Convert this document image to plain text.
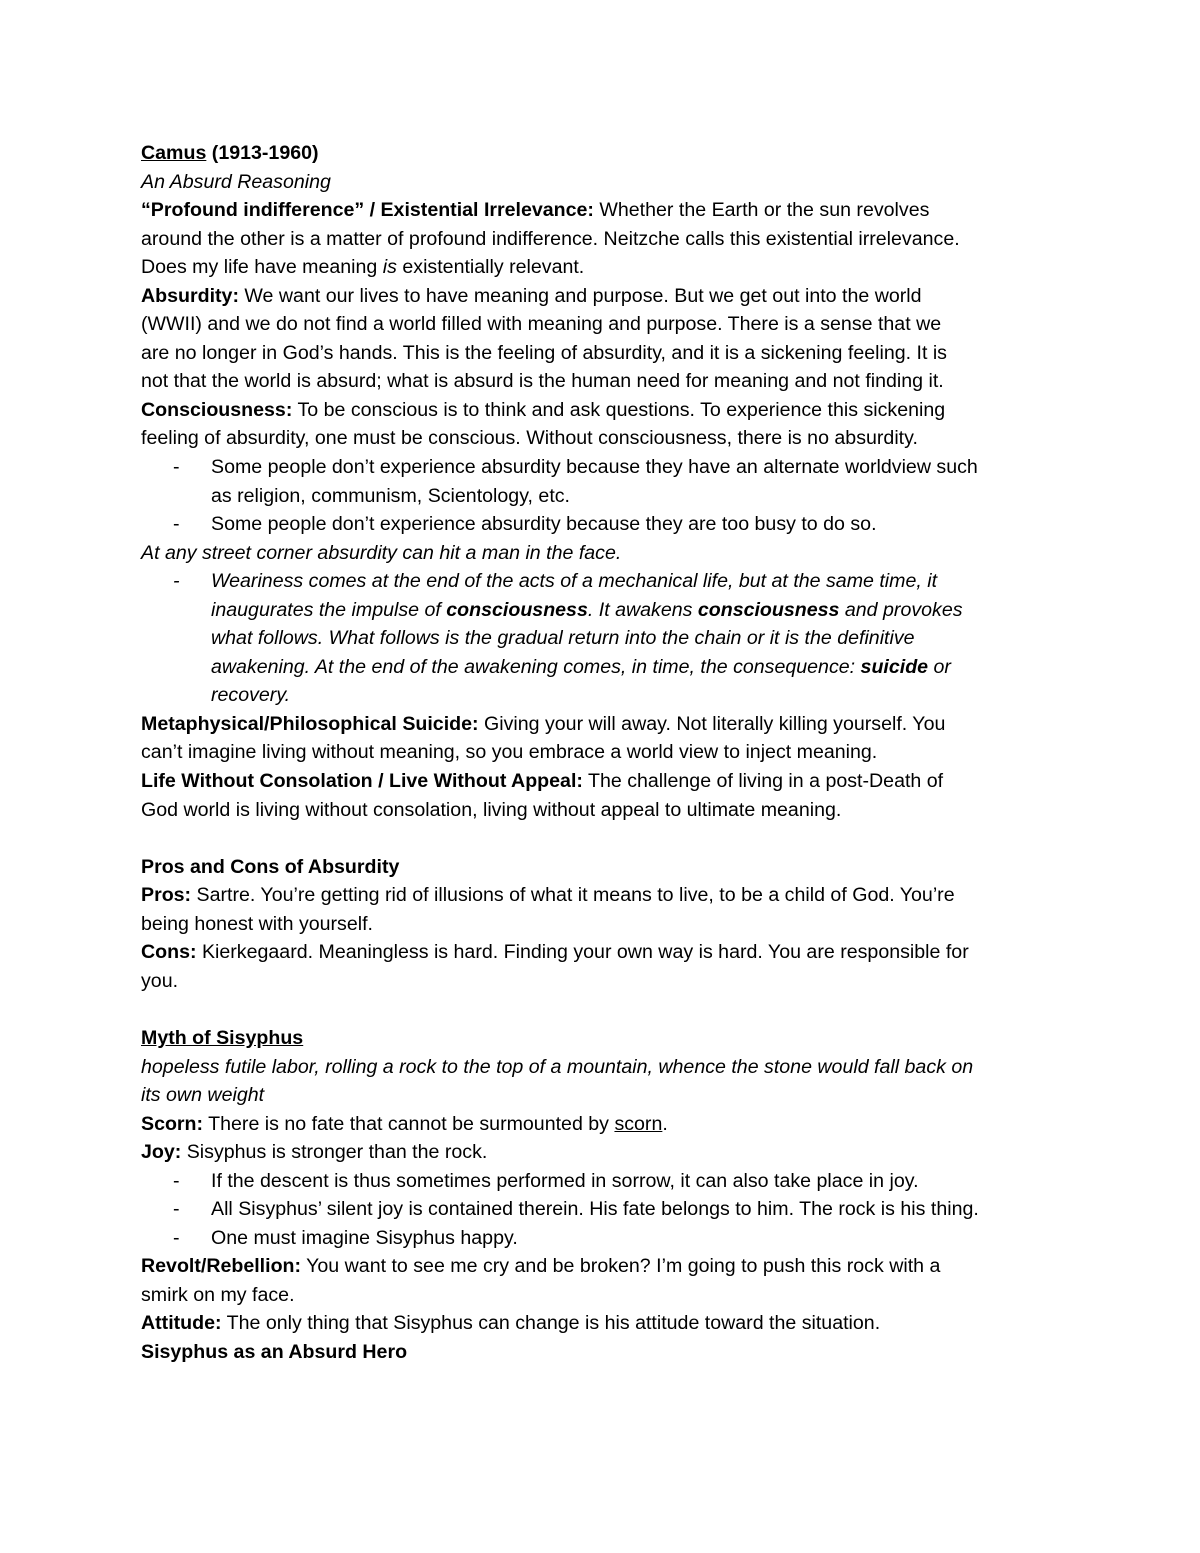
Camus (1913-1960)
An Absurd Reasoning
“Profound indifference” / Existential Irrelevance: Whether the Earth or the sun revolves
around the other is a matter of profound indifference. Neitzche calls this existential irrelevance.
Does my life have meaning is existentially relevant.
Absurdity: We want our lives to have meaning and purpose. But we get out into the world
(WWII) and we do not find a world filled with meaning and purpose. There is a sense that we
are no longer in God’s hands. This is the feeling of absurdity, and it is a sickening feeling. It is
not that the world is absurd; what is absurd is the human need for meaning and not finding it.
Consciousness: To be conscious is to think and ask questions. To experience this sickening
feeling of absurdity, one must be conscious. Without consciousness, there is no absurdity.
- Some people don’t experience absurdity because they have an alternate worldview such
as religion, communism, Scientology, etc.
- Some people don’t experience absurdity because they are too busy to do so.
At any street corner absurdity can hit a man in the face.
- Weariness comes at the end of the acts of a mechanical life, but at the same time, it
inaugurates the impulse of consciousness. It awakens consciousness and provokes
what follows. What follows is the gradual return into the chain or it is the definitive
awakening. At the end of the awakening comes, in time, the consequence: suicide or
recovery.
Metaphysical/Philosophical Suicide: Giving your will away. Not literally killing yourself. You
can’t imagine living without meaning, so you embrace a world view to inject meaning.
Life Without Consolation / Live Without Appeal: The challenge of living in a post-Death of
God world is living without consolation, living without appeal to ultimate meaning.
Pros and Cons of Absurdity
Pros: Sartre. You’re getting rid of illusions of what it means to live, to be a child of God. You’re
being honest with yourself.
Cons: Kierkegaard. Meaningless is hard. Finding your own way is hard. You are responsible for
you.
Myth of Sisyphus
hopeless futile labor, rolling a rock to the top of a mountain, whence the stone would fall back on
its own weight
Scorn: There is no fate that cannot be surmounted by scorn.
Joy: Sisyphus is stronger than the rock.
- If the descent is thus sometimes performed in sorrow, it can also take place in joy.
- All Sisyphus’ silent joy is contained therein. His fate belongs to him. The rock is his thing.
- One must imagine Sisyphus happy.
Revolt/Rebellion: You want to see me cry and be broken? I’m going to push this rock with a
smirk on my face.
Attitude: The only thing that Sisyphus can change is his attitude toward the situation.
Sisyphus as an Absurd Hero
